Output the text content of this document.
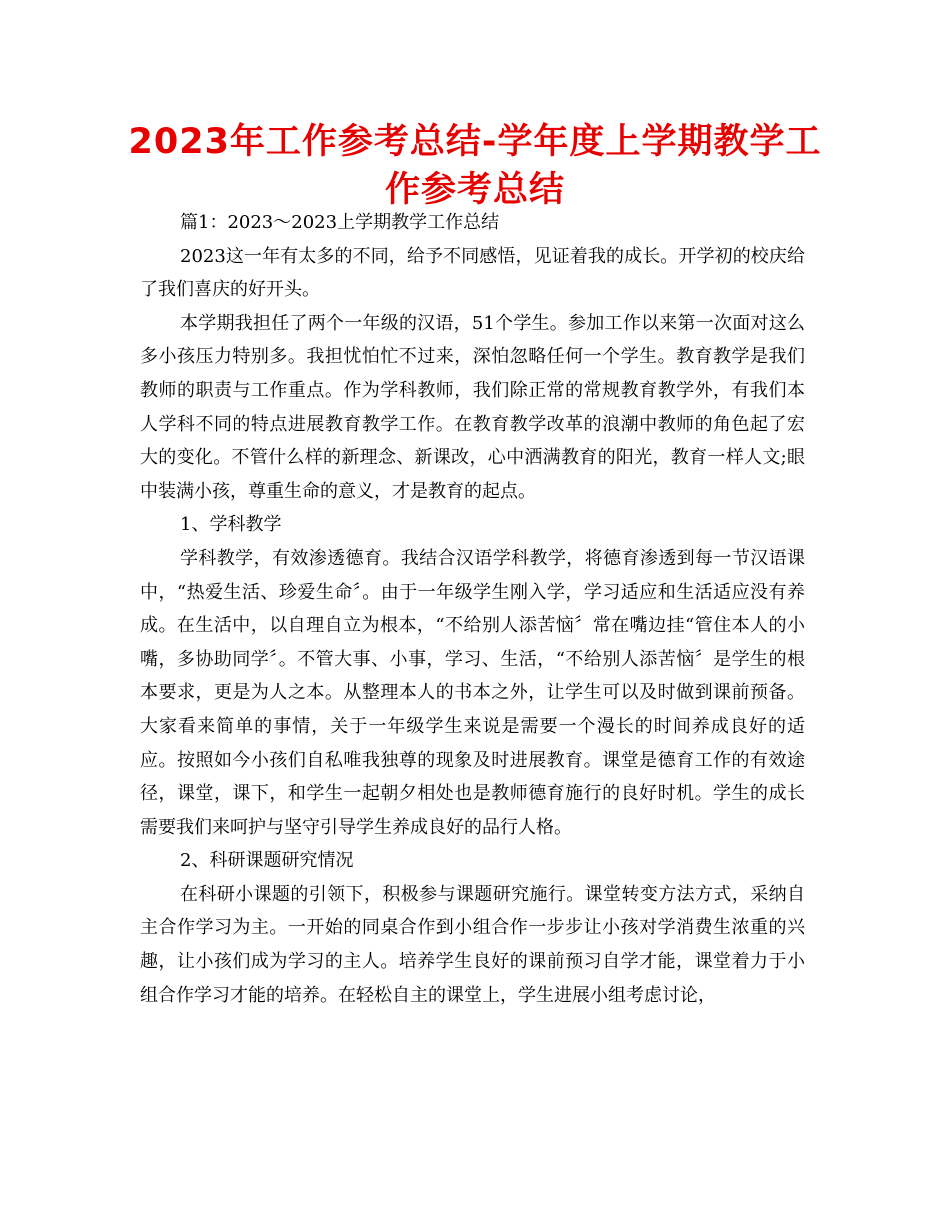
2023年工作参考总结-学年度上学期教学工作参考总结

篇1：2023～2023上学期教学工作总结

2023这一年有太多的不同，给予不同感悟，见证着我的成长。开学初的校庆给了我们喜庆的好开头。

本学期我担任了两个一年级的汉语，51个学生。参加工作以来第一次面对这么多小孩压力特别多。我担忧怕忙不过来，深怕忽略任何一个学生。教育教学是我们教师的职责与工作重点。作为学科教师，我们除正常的常规教育教学外，有我们本人学科不同的特点进展教育教学工作。在教育教学改革的浪潮中教师的角色起了宏大的变化。不管什么样的新理念、新课改，心中洒满教育的阳光，教育一样人文;眼中装满小孩，尊重生命的意义，才是教育的起点。

1、学科教学

学科教学，有效渗透德育。我结合汉语学科教学，将德育渗透到每一节汉语课中，“热爱生活、珍爱生命〞。由于一年级学生刚入学，学习适应和生活适应没有养成。在生活中，以自理自立为根本，“不给别人添苦恼〞常在嘴边挂“管住本人的小嘴，多协助同学〞。不管大事、小事，学习、生活，“不给别人添苦恼〞是学生的根本要求，更是为人之本。从整理本人的书本之外，让学生可以及时做到课前预备。大家看来简单的事情，关于一年级学生来说是需要一个漫长的时间养成良好的适应。按照如今小孩们自私唯我独尊的现象及时进展教育。课堂是德育工作的有效途径，课堂，课下，和学生一起朝夕相处也是教师德育施行的良好时机。学生的成长需要我们来呵护与坚守引导学生养成良好的品行人格。

2、科研课题研究情况

在科研小课题的引领下，积极参与课题研究施行。课堂转变方法方式，采纳自主合作学习为主。一开始的同桌合作到小组合作一步步让小孩对学消费生浓重的兴趣，让小孩们成为学习的主人。培养学生良好的课前预习自学才能，课堂着力于小组合作学习才能的培养。在轻松自主的课堂上，学生进展小组考虑讨论，
